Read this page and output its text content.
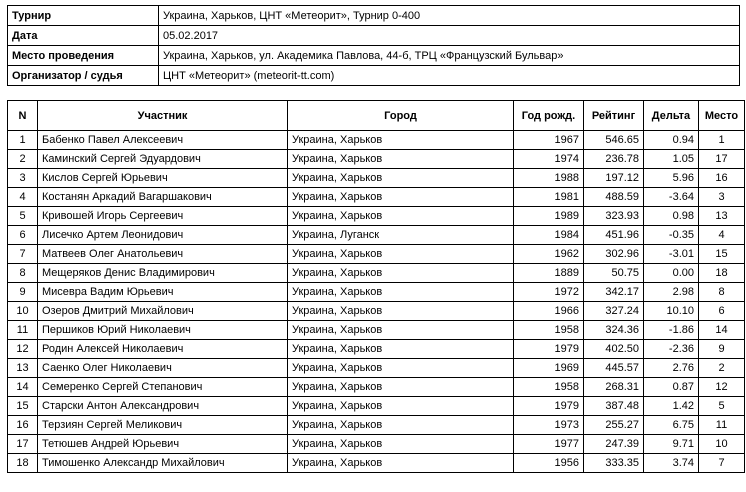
Турнир	Украина, Харьков, ЦНТ «Метеорит», Турнир 0-400
Дата	05.02.2017
Место проведения	Украина, Харьков, ул. Академика Павлова, 44-б, ТРЦ «Французский Бульвар»
Организатор / судья	ЦНТ «Метеорит» (meteorit-tt.com)
N	Участник	Город	Год рожд.	Рейтинг	Дельта	Место
1	Бабенко Павел Алексеевич	Украина, Харьков	1967	546.65	0.94	1
2	Каминский Сергей Эдуардович	Украина, Харьков	1974	236.78	1.05	17
3	Кислов Сергей Юрьевич	Украина, Харьков	1988	197.12	5.96	16
4	Костанян Аркадий Вагаршакович	Украина, Харьков	1981	488.59	-3.64	3
5	Кривошей Игорь Сергеевич	Украина, Харьков	1989	323.93	0.98	13
6	Лисечко Артем Леонидович	Украина, Луганск	1984	451.96	-0.35	4
7	Матвеев Олег Анатольевич	Украина, Харьков	1962	302.96	-3.01	15
8	Мещеряков Денис Владимирович	Украина, Харьков	1889	50.75	0.00	18
9	Мисевра Вадим Юрьевич	Украина, Харьков	1972	342.17	2.98	8
10	Озеров Дмитрий Михайлович	Украина, Харьков	1966	327.24	10.10	6
11	Першиков Юрий Николаевич	Украина, Харьков	1958	324.36	-1.86	14
12	Родин Алексей Николаевич	Украина, Харьков	1979	402.50	-2.36	9
13	Саенко Олег Николаевич	Украина, Харьков	1969	445.57	2.76	2
14	Семеренко Сергей Степанович	Украина, Харьков	1958	268.31	0.87	12
15	Старски Антон Александрович	Украина, Харьков	1979	387.48	1.42	5
16	Терзиян Сергей Меликович	Украина, Харьков	1973	255.27	6.75	11
17	Тетюшев Андрей Юрьевич	Украина, Харьков	1977	247.39	9.71	10
18	Тимошенко Александр Михайлович	Украина, Харьков	1956	333.35	3.74	7
